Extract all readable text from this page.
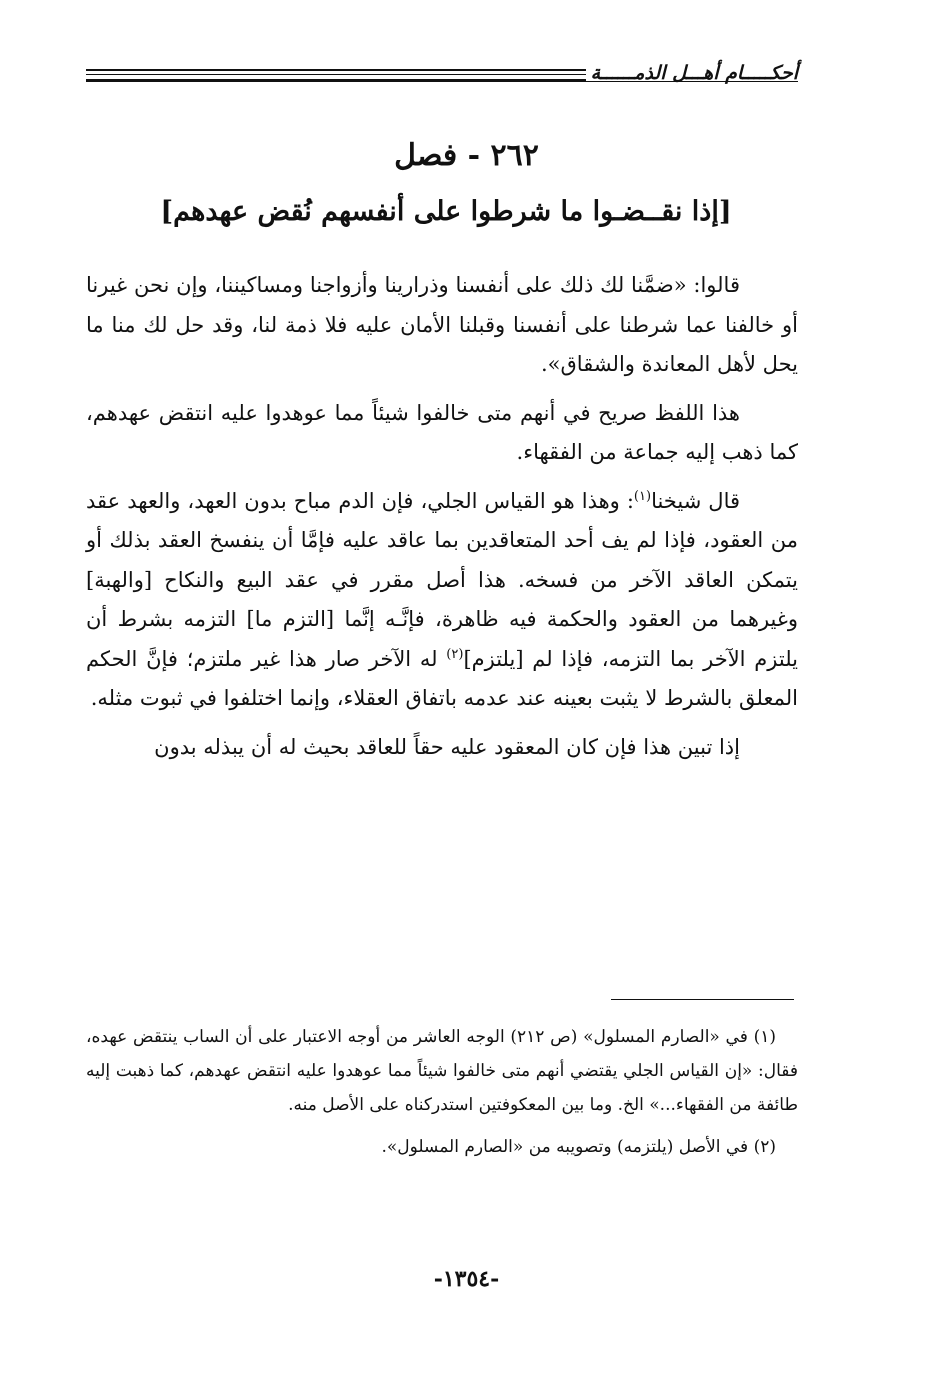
أحكـــــام أهـــل الذمــــــة
٢٦٢ - فصل
[إذا نقــضـوا ما شرطوا على أنفسهم نُقض عهدهم]

قالوا: «ضمَّنا لك ذلك على أنفسنا وذرارينا وأزواجنا ومساكيننا، وإن نحن غيرنا أو خالفنا عما شرطنا على أنفسنا وقبلنا الأمان عليه فلا ذمة لنا، وقد حل لك منا ما يحل لأهل المعاندة والشقاق».

هذا اللفظ صريح في أنهم متى خالفوا شيئاً مما عوهدوا عليه انتقض عهدهم، كما ذهب إليه جماعة من الفقهاء.

قال شيخنا$^{(١)}$: وهذا هو القياس الجلي، فإن الدم مباح بدون العهد، والعهد عقد من العقود، فإذا لم يف أحد المتعاقدين بما عاقد عليه فإمَّا أن ينفسخ العقد بذلك أو يتمكن العاقد الآخر من فسخه. هذا أصل مقرر في عقد البيع والنكاح [والهبة] وغيرهما من العقود والحكمة فيه ظاهرة، فإنَّـه إنَّما [التزم ما] التزمه بشرط أن يلتزم الآخر بما التزمه، فإذا لم [يلتزم]$^{(٢)}$ له الآخر صار هذا غير ملتزم؛ فإنَّ الحكم المعلق بالشرط لا يثبت بعينه عند عدمه باتفاق العقلاء، وإنما اختلفوا في ثبوت مثله.

إذا تبين هذا فإن كان المعقود عليه حقاً للعاقد بحيث له أن يبذله بدون

(١) في «الصارم المسلول» (ص ٢١٢) الوجه العاشر من أوجه الاعتبار على أن الساب ينتقض عهده، فقال: «إن القياس الجلي يقتضي أنهم متى خالفوا شيئاً مما عوهدوا عليه انتقض عهدهم، كما ذهبت إليه طائفة من الفقهاء...» الخ. وما بين المعكوفتين استدركناه على الأصل منه.

(٢) في الأصل (يلتزمه) وتصويبه من «الصارم المسلول».

-١٣٥٤-
